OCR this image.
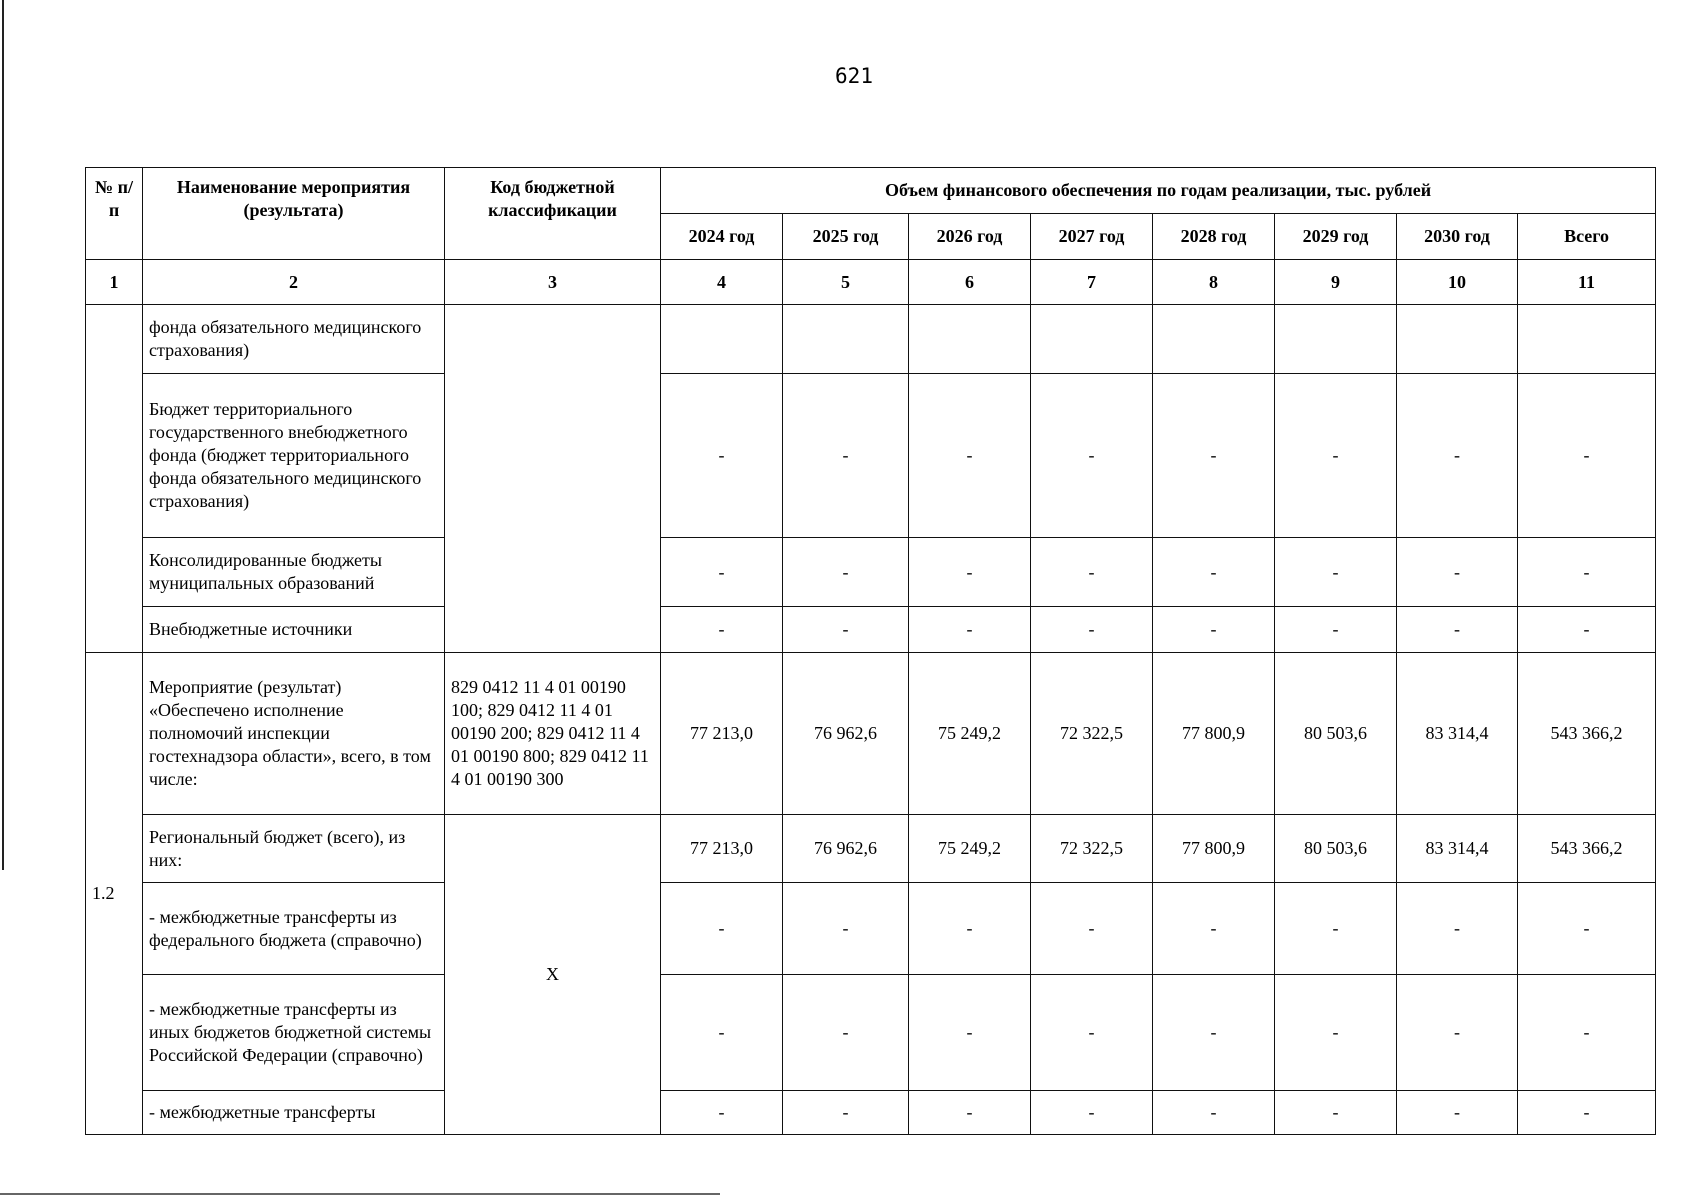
621
№ п/п	Наименование мероприятия (результата)	Код бюджетной классификации	Объем финансового обеспечения по годам реализации, тыс. рублей							
			2024 год	2025 год	2026 год	2027 год	2028 год	2029 год	2030 год	Всего
1	2	3	4	5	6	7	8	9	10	11
	фонда обязательного медицинского страхования)									
	Бюджет территориального государственного внебюджетного фонда (бюджет территориального фонда обязательного медицинского страхования)		-	-	-	-	-	-	-	-
	Консолидированные бюджеты муниципальных образований		-	-	-	-	-	-	-	-
	Внебюджетные источники		-	-	-	-	-	-	-	-
1.2	Мероприятие (результат) «Обеспечено исполнение полномочий инспекции гостехнадзора области», всего, в том числе:	829 0412 11 4 01 00190 100; 829 0412 11 4 01 00190 200; 829 0412 11 4 01 00190 800; 829 0412 11 4 01 00190 300	77 213,0	76 962,6	75 249,2	72 322,5	77 800,9	80 503,6	83 314,4	543 366,2
	Региональный бюджет (всего), из них:	X	77 213,0	76 962,6	75 249,2	72 322,5	77 800,9	80 503,6	83 314,4	543 366,2
	- межбюджетные трансферты из федерального бюджета (справочно)		-	-	-	-	-	-	-	-
	- межбюджетные трансферты из иных бюджетов бюджетной системы Российской Федерации (справочно)		-	-	-	-	-	-	-	-
	- межбюджетные трансферты		-	-	-	-	-	-	-	-
